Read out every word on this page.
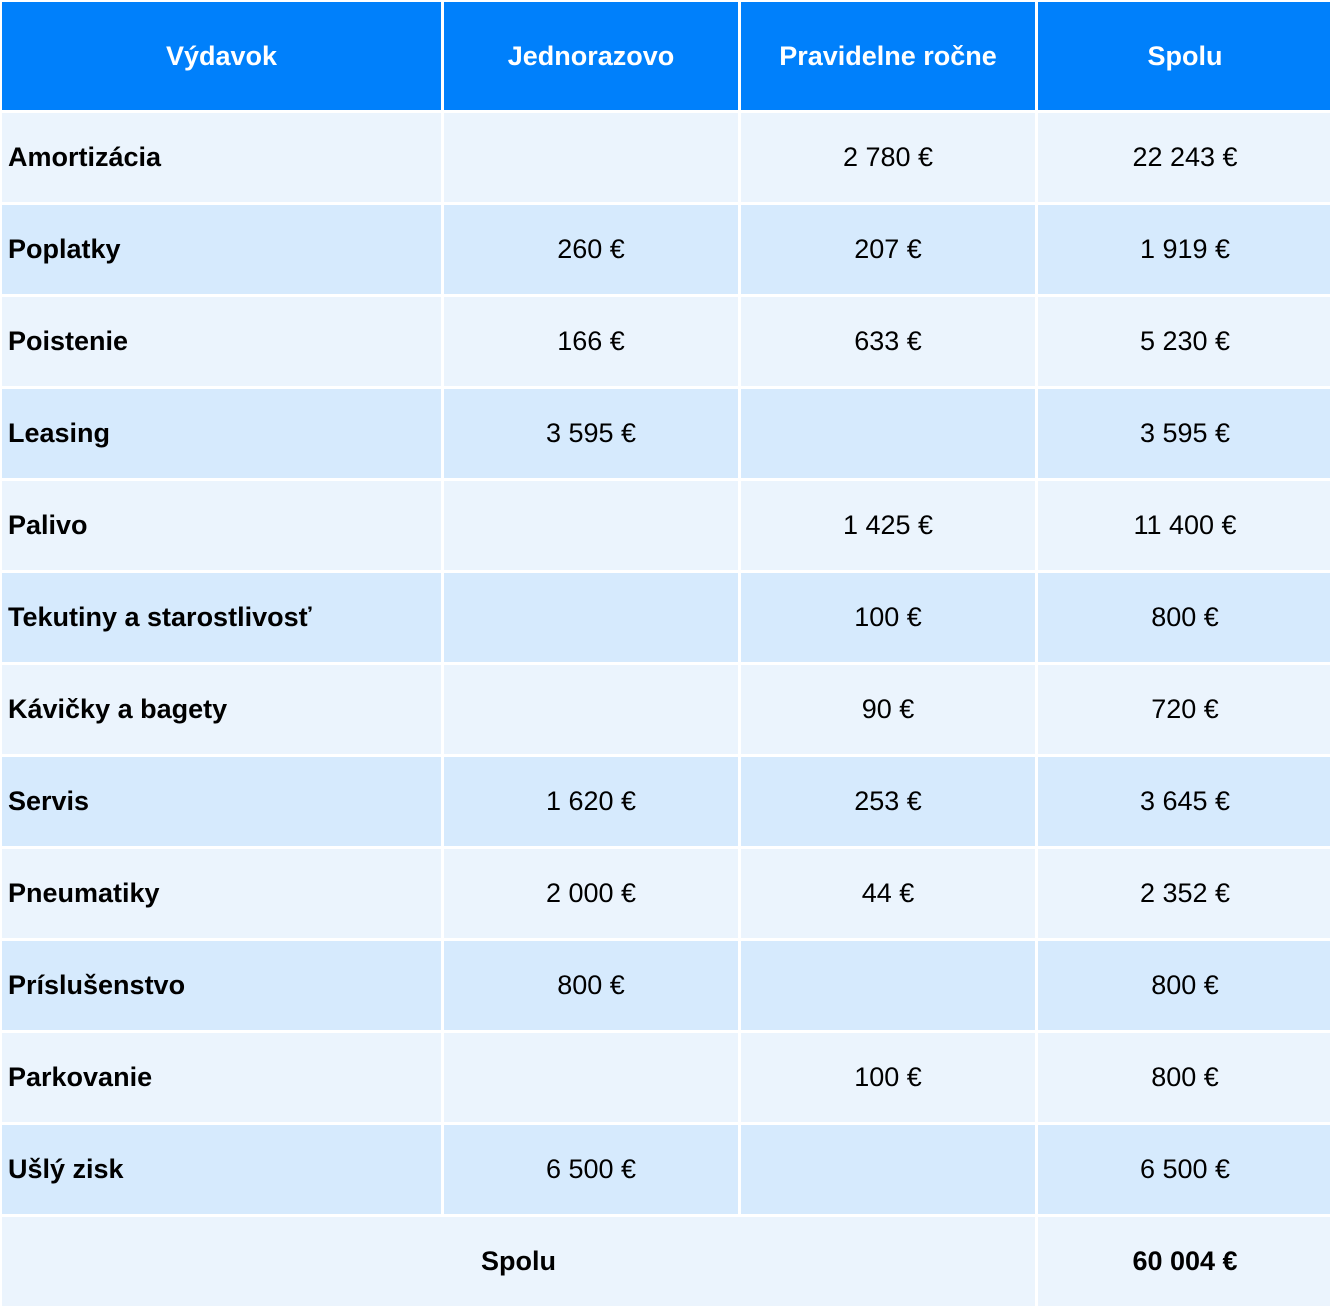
Výdavok	Jednorazovo	Pravidelne ročne	Spolu
Amortizácia		2 780 €	22 243 €
Poplatky	260 €	207 €	1 919 €
Poistenie	166 €	633 €	5 230 €
Leasing	3 595 €		3 595 €
Palivo		1 425 €	11 400 €
Tekutiny a starostlivosť		100 €	800 €
Kávičky a bagety		90 €	720 €
Servis	1 620 €	253 €	3 645 €
Pneumatiky	2 000 €	44 €	2 352 €
Príslušenstvo	800 €		800 €
Parkovanie		100 €	800 €
Ušlý zisk	6 500 €		6 500 €
Spolu			60 004 €
